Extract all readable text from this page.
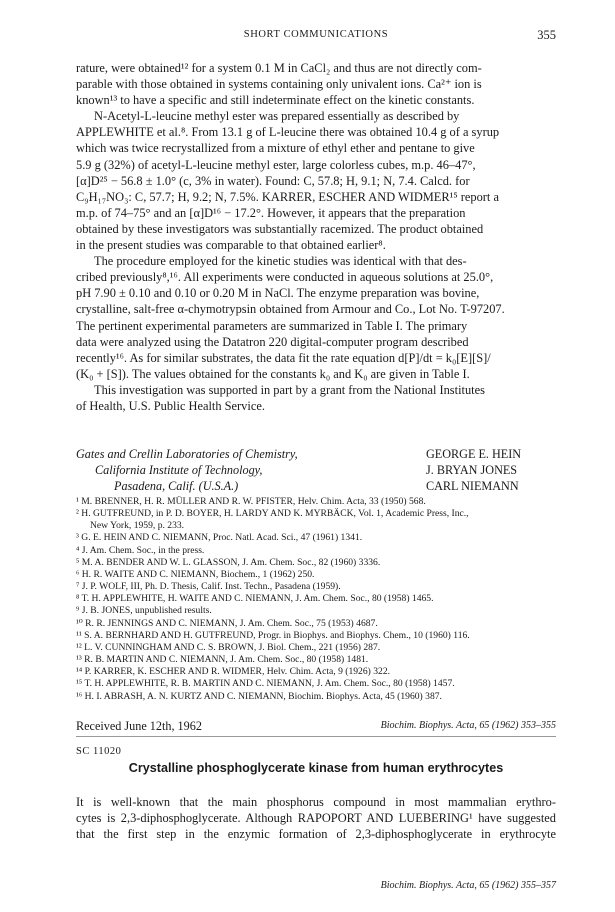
SHORT COMMUNICATIONS	355

rature, were obtained¹² for a system 0.1 M in CaCl₂ and thus are not directly com-
parable with those obtained in systems containing only univalent ions. Ca²⁺ ion is
known¹³ to have a specific and still indeterminate effect on the kinetic constants.

N-Acetyl-L-leucine methyl ester was prepared essentially as described by
APPLEWHITE et al.⁸. From 13.1 g of L-leucine there was obtained 10.4 g of a syrup
which was twice recrystallized from a mixture of ethyl ether and pentane to give
5.9 g (32%) of acetyl-L-leucine methyl ester, large colorless cubes, m.p. 46–47°,
[α]D²⁵ − 56.8 ± 1.0° (c, 3% in water). Found: C, 57.8; H, 9.1; N, 7.4. Calcd. for
C₉H₁₇NO₃: C, 57.7; H, 9.2; N, 7.5%. KARRER, ESCHER AND WIDMER¹⁵ report a
m.p. of 74–75° and an [α]D¹⁶ − 17.2°. However, it appears that the preparation
obtained by these investigators was substantially racemized. The product obtained
in the present studies was comparable to that obtained earlier⁸.

The procedure employed for the kinetic studies was identical with that des-
cribed previously⁸,¹⁶. All experiments were conducted in aqueous solutions at 25.0°,
pH 7.90 ± 0.10 and 0.10 or 0.20 M in NaCl. The enzyme preparation was bovine,
crystalline, salt-free α-chymotrypsin obtained from Armour and Co., Lot No. T-97207.
The pertinent experimental parameters are summarized in Table I. The primary
data were analyzed using the Datatron 220 digital-computer program described
recently¹⁶. As for similar substrates, the data fit the rate equation d[P]/dt = k₀[E][S]/
(K₀ + [S]). The values obtained for the constants k₀ and K₀ are given in Table I.

This investigation was supported in part by a grant from the National Institutes
of Health, U.S. Public Health Service.

Gates and Crellin Laboratories of Chemistry,
California Institute of Technology,
Pasadena, Calif. (U.S.A.)
GEORGE E. HEIN
J. BRYAN JONES
CARL NIEMANN
¹ M. BRENNER, H. R. MÜLLER AND R. W. PFISTER, Helv. Chim. Acta, 33 (1950) 568.
² H. GUTFREUND, in P. D. BOYER, H. LARDY AND K. MYRBÄCK, Vol. 1, Academic Press, Inc.,
New York, 1959, p. 233.
³ G. E. HEIN AND C. NIEMANN, Proc. Natl. Acad. Sci., 47 (1961) 1341.
⁴ J. Am. Chem. Soc., in the press.
⁵ M. A. BENDER AND W. L. GLASSON, J. Am. Chem. Soc., 82 (1960) 3336.
⁶ H. R. WAITE AND C. NIEMANN, Biochem., 1 (1962) 250.
⁷ J. P. WOLF, III, Ph. D. Thesis, Calif. Inst. Techn., Pasadena (1959).
⁸ T. H. APPLEWHITE, H. WAITE AND C. NIEMANN, J. Am. Chem. Soc., 80 (1958) 1465.
⁹ J. B. JONES, unpublished results.
¹⁰ R. R. JENNINGS AND C. NIEMANN, J. Am. Chem. Soc., 75 (1953) 4687.
¹¹ S. A. BERNHARD AND H. GUTFREUND, Progr. in Biophys. and Biophys. Chem., 10 (1960) 116.
¹² L. V. CUNNINGHAM AND C. S. BROWN, J. Biol. Chem., 221 (1956) 287.
¹³ R. B. MARTIN AND C. NIEMANN, J. Am. Chem. Soc., 80 (1958) 1481.
¹⁴ P. KARRER, K. ESCHER AND R. WIDMER, Helv. Chim. Acta, 9 (1926) 322.
¹⁵ T. H. APPLEWHITE, R. B. MARTIN AND C. NIEMANN, J. Am. Chem. Soc., 80 (1958) 1457.
¹⁶ H. I. ABRASH, A. N. KURTZ AND C. NIEMANN, Biochim. Biophys. Acta, 45 (1960) 387.
Received June 12th, 1962	Biochim. Biophys. Acta, 65 (1962) 353–355
SC 11020
Crystalline phosphoglycerate kinase from human erythrocytes
It is well-known that the main phosphorus compound in most mammalian erythro-
cytes is 2,3-diphosphoglycerate. Although RAPOPORT AND LUEBERING¹ have suggested
that the first step in the enzymic formation of 2,3-diphosphoglycerate in erythrocyte
Biochim. Biophys. Acta, 65 (1962) 355–357
